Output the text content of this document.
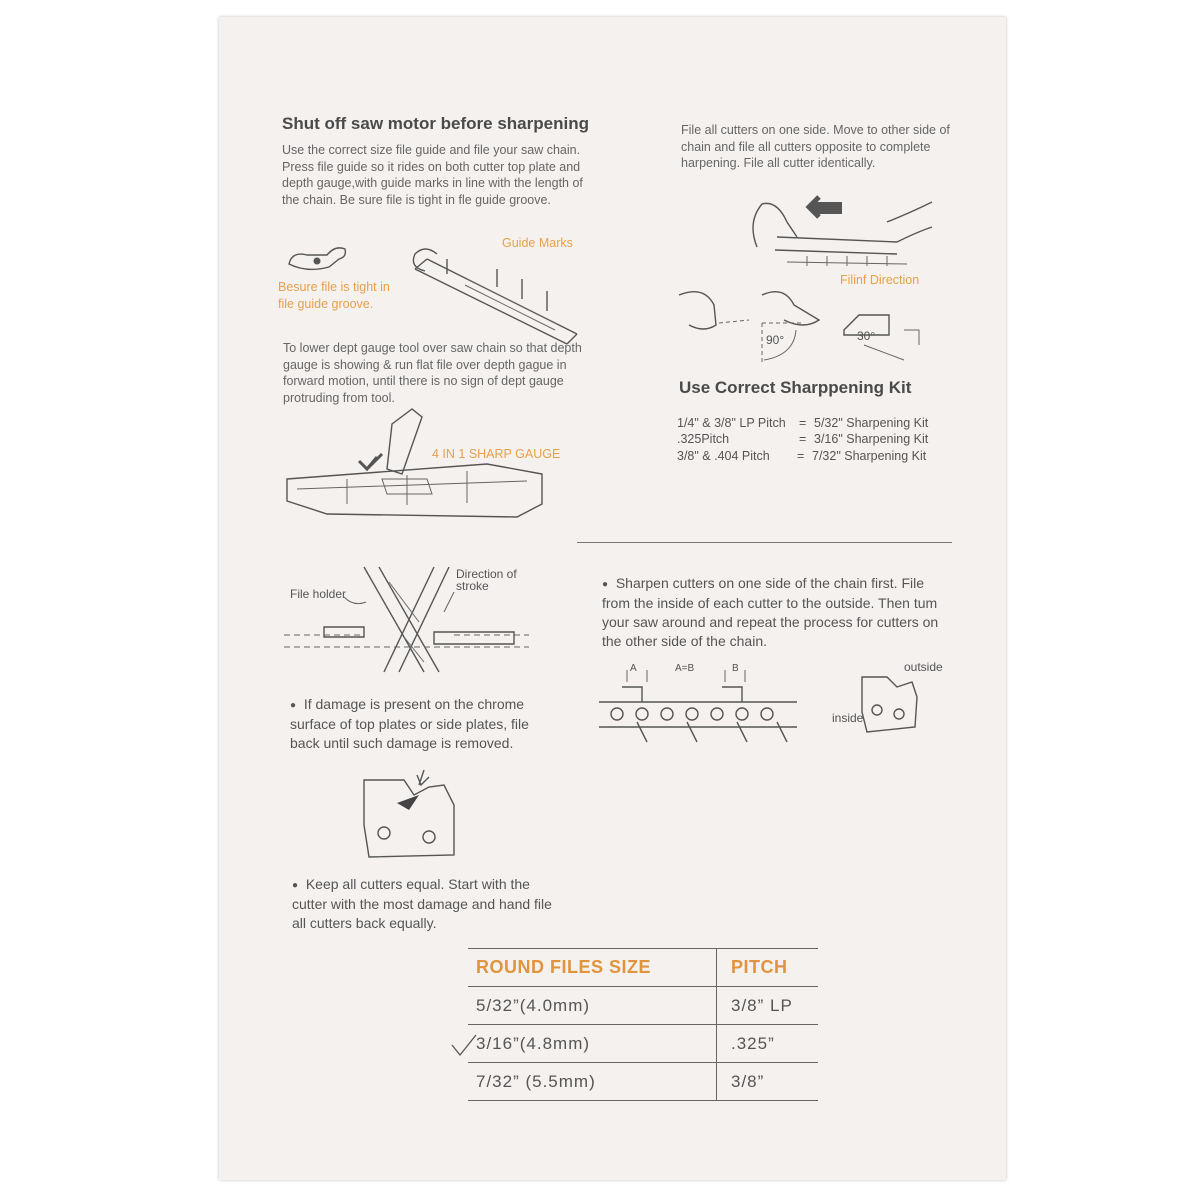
Shut off saw motor before sharpening
Use the correct size file guide and file your saw chain. Press file guide so it rides on both cutter top plate and depth gauge,with guide marks in line with the length of the chain. Be sure file is tight in fle guide groove.
Besure file is tight in file guide groove.
Guide Marks
To lower dept gauge tool over saw chain so that depth gauge is showing & run flat file over depth gague in forward motion, until there is no sign of dept gauge protruding from tool.
4 IN 1 SHARP GAUGE
File all cutters on one side. Move to other side of chain and file all cutters opposite to complete harpening. File all cutter identically.
Filinf Direction
90°	30°
Use Correct Sharppening Kit
1/4" & 3/8" LP Pitch = 5/32" Sharpening Kit
.325Pitch	= 3/16" Sharpening Kit
3/8" & .404 Pitch = 7/32" Sharpening Kit
File holder
Direction of stroke	● Sharpen cutters on one side of the chain first. File from the inside of each cutter to the outside. Then tum your saw around and repeat the process for cutters on the other side of the chain.
A	A=B	B	outside
inside
● If damage is present on the chrome surface of top plates or side plates, file back until such damage is removed.
● Keep all cutters equal. Start with the cutter with the most damage and hand file all cutters back equally.
ROUND FILES SIZE	PITCH
5/32”(4.0mm)	3/8” LP
3/16”(4.8mm)	.325”
7/32” (5.5mm)	3/8”
